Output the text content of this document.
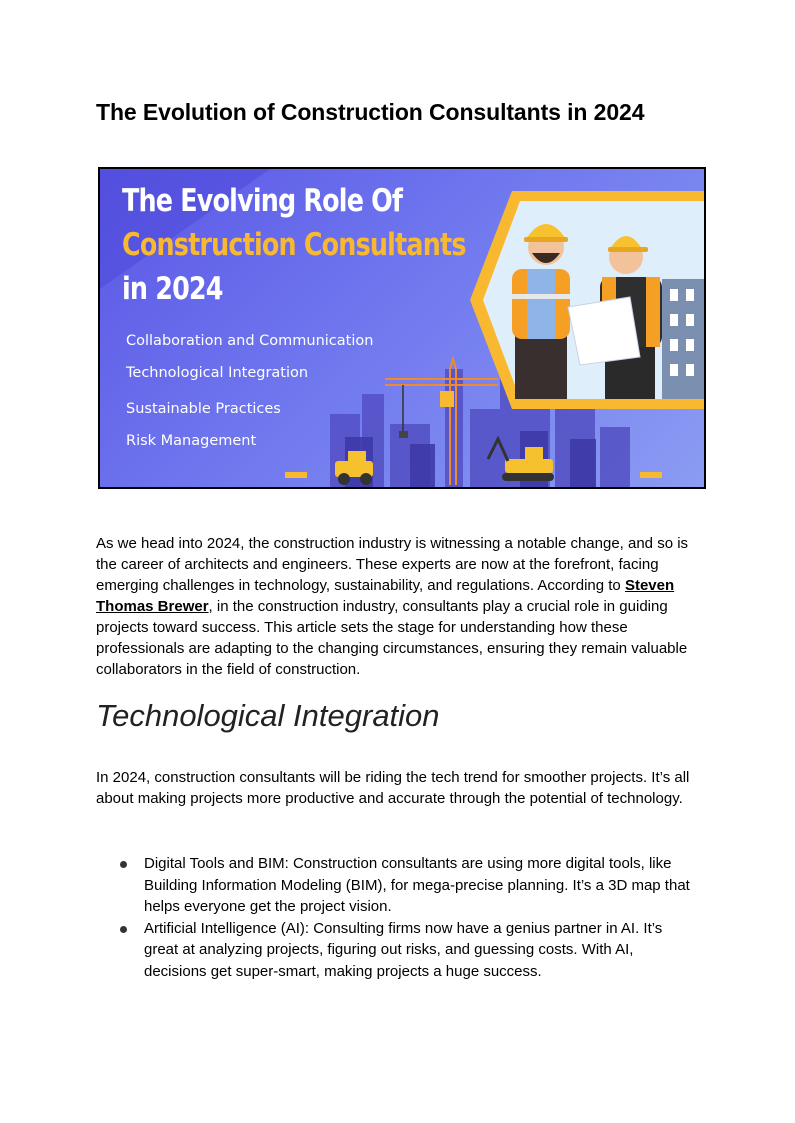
The Evolution of Construction Consultants in 2024
The Evolving Role Of
Construction Consultants
in 2024
Collaboration and Communication
Technological Integration
Sustainable Practices
Risk Management

As we head into 2024, the construction industry is witnessing a notable change, and so is the career of architects and engineers. These experts are now at the forefront, facing emerging challenges in technology, sustainability, and regulations. According to Steven Thomas Brewer, in the construction industry, consultants play a crucial role in guiding projects toward success. This article sets the stage for understanding how these professionals are adapting to the changing circumstances, ensuring they remain valuable collaborators in the field of construction.

Technological Integration

In 2024, construction consultants will be riding the tech trend for smoother projects. It’s all about making projects more productive and accurate through the potential of technology.

Digital Tools and BIM: Construction consultants are using more digital tools, like Building Information Modeling (BIM), for mega-precise planning. It’s a 3D map that helps everyone get the project vision.
Artificial Intelligence (AI): Consulting firms now have a genius partner in AI. It’s great at analyzing projects, figuring out risks, and guessing costs. With AI, decisions get super-smart, making projects a huge success.
